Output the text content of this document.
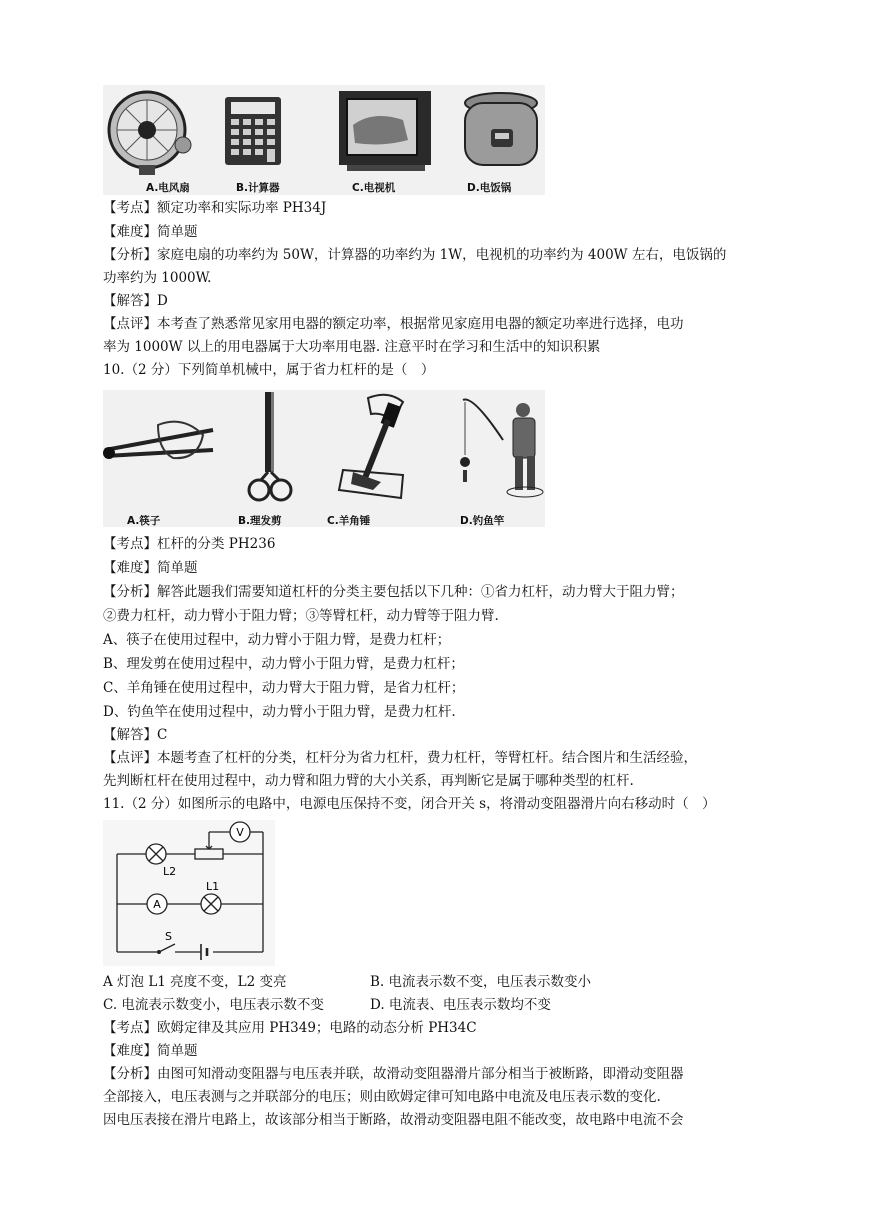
A.电风扇	B.计算器	C.电视机	D.电饭锅
【考点】额定功率和实际功率 PH34J
【难度】简单题
【分析】家庭电扇的功率约为 50W，计算器的功率约为 1W，电视机的功率约为 400W 左右，电饭锅的
功率约为 1000W.
【解答】D
【点评】本考查了熟悉常见家用电器的额定功率，根据常见家庭用电器的额定功率进行选择，电功
率为 1000W 以上的用电器属于大功率用电器. 注意平时在学习和生活中的知识积累
10.（2 分）下列简单机械中，属于省力杠杆的是（　）
A.筷子	B.理发剪	C.羊角锤	D.钓鱼竿
【考点】杠杆的分类 PH236
【难度】简单题
【分析】解答此题我们需要知道杠杆的分类主要包括以下几种：①省力杠杆，动力臂大于阻力臂；
②费力杠杆，动力臂小于阻力臂；③等臂杠杆，动力臂等于阻力臂.
A、筷子在使用过程中，动力臂小于阻力臂，是费力杠杆；
B、理发剪在使用过程中，动力臂小于阻力臂，是费力杠杆；
C、羊角锤在使用过程中，动力臂大于阻力臂，是省力杠杆；
D、钓鱼竿在使用过程中，动力臂小于阻力臂，是费力杠杆.
【解答】C
【点评】本题考查了杠杆的分类，杠杆分为省力杠杆，费力杠杆，等臂杠杆。结合图片和生活经验，
先判断杠杆在使用过程中，动力臂和阻力臂的大小关系，再判断它是属于哪种类型的杠杆.
11.（2 分）如图所示的电路中，电源电压保持不变，闭合开关 s，将滑动变阻器滑片向右移动时（　）
V
L2
A
L1
S
A 灯泡 L1 亮度不变，L2 变亮	B. 电流表示数不变，电压表示数变小
C. 电流表示数变小，电压表示数不变	D. 电流表、电压表示数均不变
【考点】欧姆定律及其应用 PH349；电路的动态分析 PH34C
【难度】简单题
【分析】由图可知滑动变阻器与电压表并联，故滑动变阻器滑片部分相当于被断路，即滑动变阻器
全部接入，电压表测与之并联部分的电压；则由欧姆定律可知电路中电流及电压表示数的变化.
因电压表接在滑片电路上，故该部分相当于断路，故滑动变阻器电阻不能改变，故电路中电流不会
